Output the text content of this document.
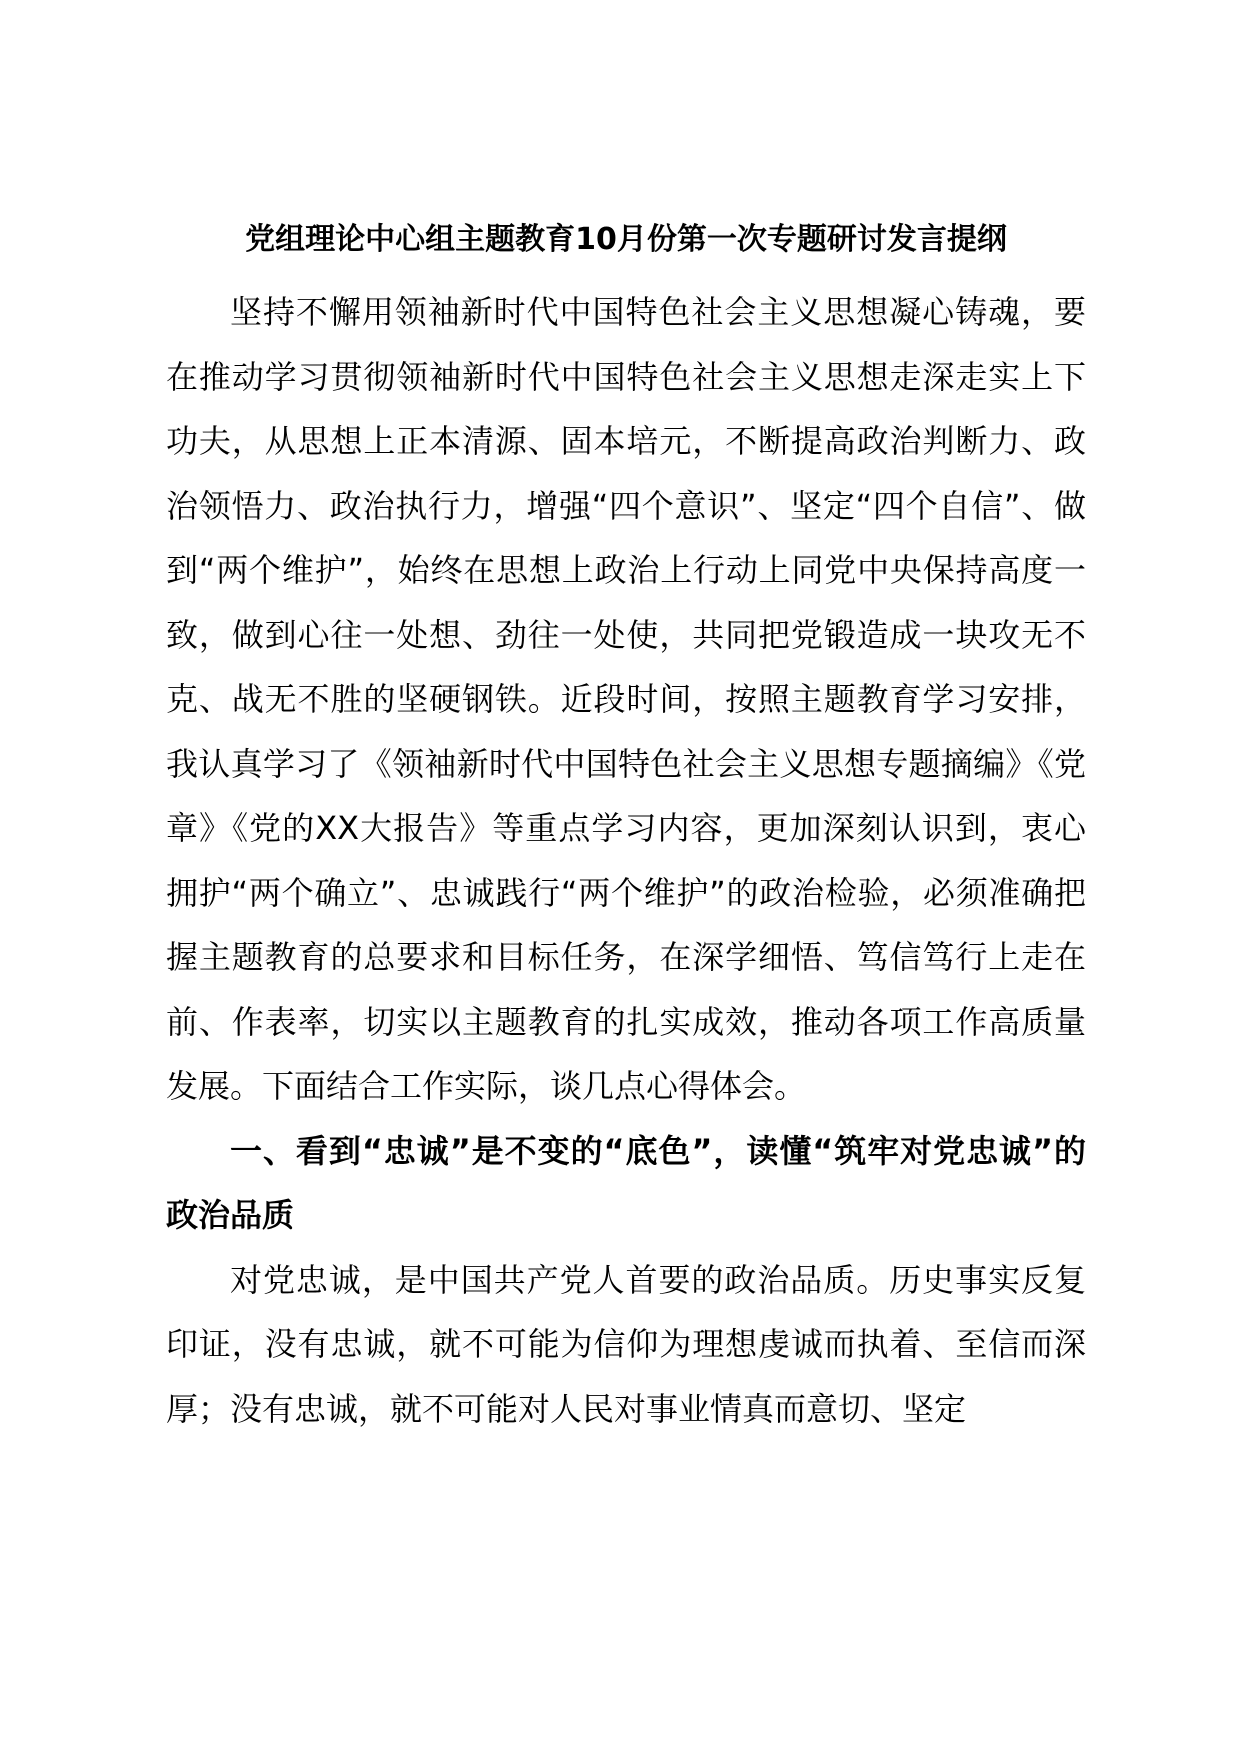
党组理论中心组主题教育10月份第一次专题研讨发言提纲

坚持不懈用领袖新时代中国特色社会主义思想凝心铸魂，要在推动学习贯彻领袖新时代中国特色社会主义思想走深走实上下功夫，从思想上正本清源、固本培元，不断提高政治判断力、政治领悟力、政治执行力，增强“四个意识”、坚定“四个自信”、做到“两个维护”，始终在思想上政治上行动上同党中央保持高度一致，做到心往一处想、劲往一处使，共同把党锻造成一块攻无不克、战无不胜的坚硬钢铁。近段时间，按照主题教育学习安排，我认真学习了《领袖新时代中国特色社会主义思想专题摘编》《党章》《党的XX大报告》等重点学习内容，更加深刻认识到，衷心拥护“两个确立”、忠诚践行“两个维护”的政治检验，必须准确把握主题教育的总要求和目标任务，在深学细悟、笃信笃行上走在前、作表率，切实以主题教育的扎实成效，推动各项工作高质量发展。下面结合工作实际，谈几点心得体会。

一、看到“忠诚”是不变的“底色”，读懂“筑牢对党忠诚”的政治品质

对党忠诚，是中国共产党人首要的政治品质。历史事实反复印证，没有忠诚，就不可能为信仰为理想虔诚而执着、至信而深厚；没有忠诚，就不可能对人民对事业情真而意切、坚定
